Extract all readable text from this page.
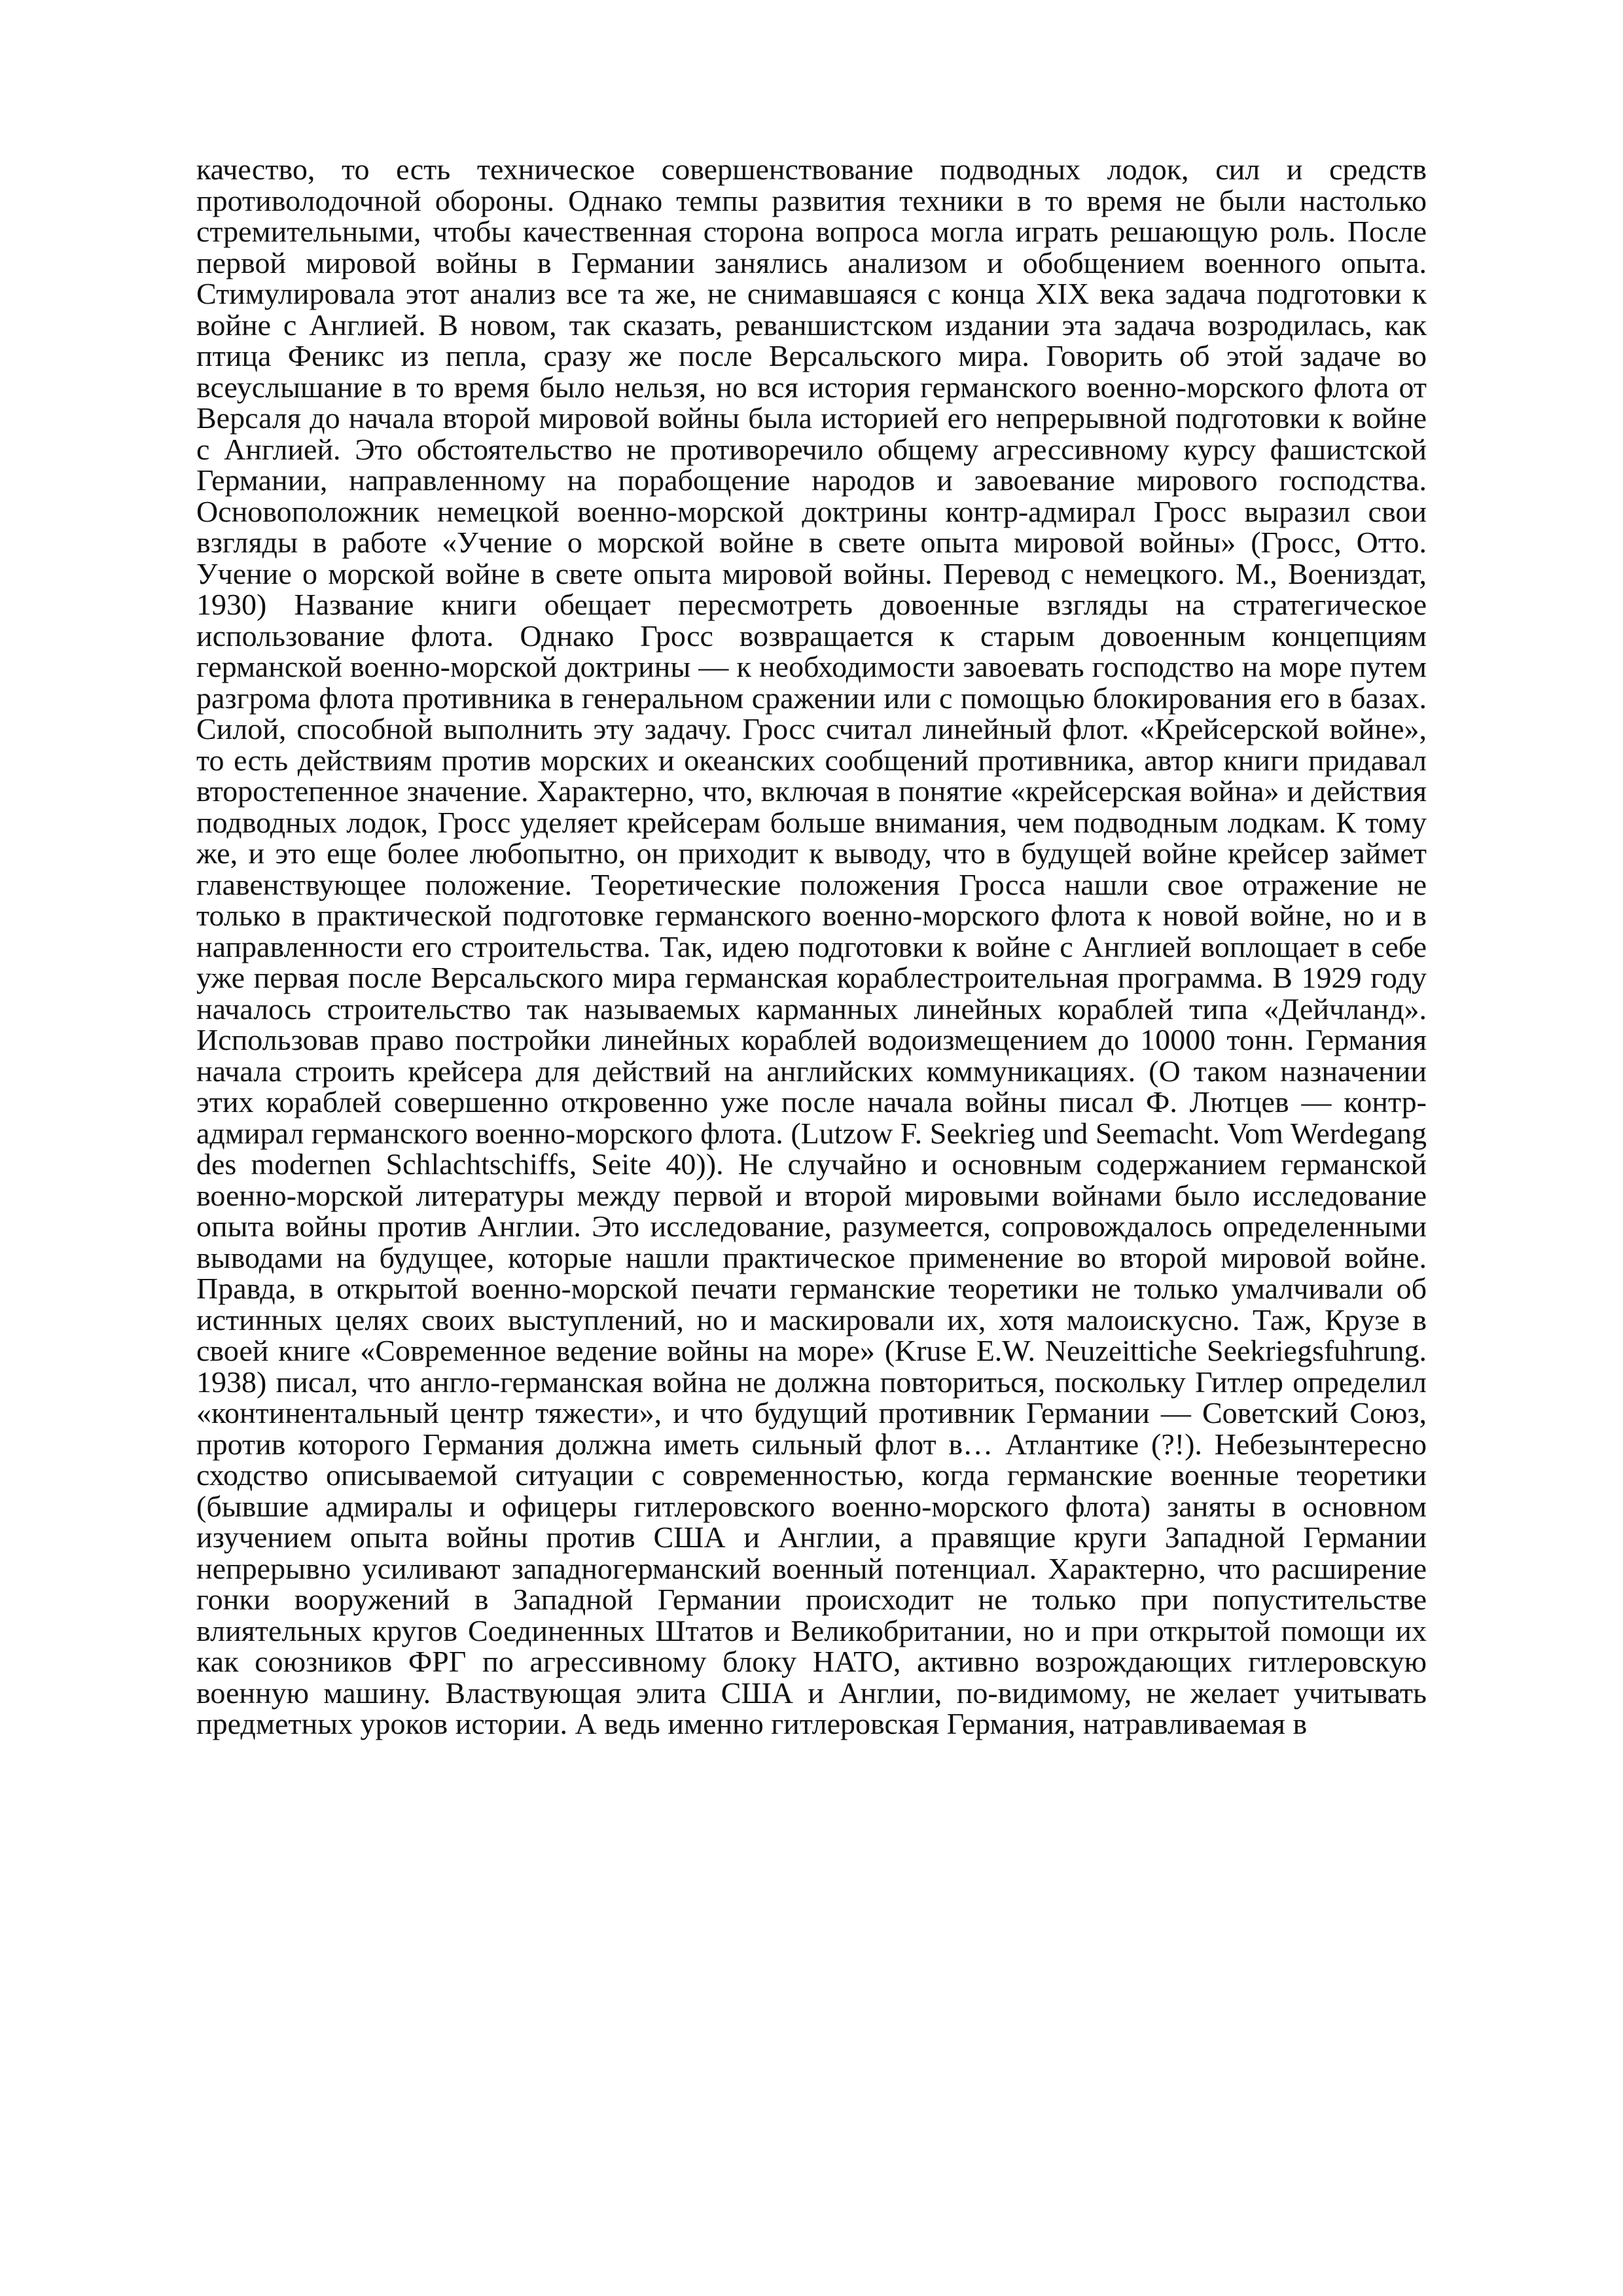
качество, то есть техническое совершенствование подводных лодок, сил и средств противолодочной обороны. Однако темпы развития техники в то время не были настолько стремительными, чтобы качественная сторона вопроса могла играть решающую роль. После первой мировой войны в Германии занялись анализом и обобщением военного опыта. Стимулировала этот анализ все та же, не снимавшаяся с конца XIX века задача подготовки к войне с Англией. В новом, так сказать, реваншистском издании эта задача возродилась, как птица Феникс из пепла, сразу же после Версальского мира. Говорить об этой задаче во всеуслышание в то время было нельзя, но вся история германского военно-морского флота от Версаля до начала второй мировой войны была историей его непрерывной подготовки к войне с Англией. Это обстоятельство не противоречило общему агрессивному курсу фашистской Германии, направленному на порабощение народов и завоевание мирового господства. Основоположник немецкой военно-морской доктрины контр-адмирал Гросс выразил свои взгляды в работе «Учение о морской войне в свете опыта мировой войны» (Гросс, Отто. Учение о морской войне в свете опыта мировой войны. Перевод с немецкого. М., Воениздат, 1930) Название книги обещает пересмотреть довоенные взгляды на стратегическое использование флота. Однако Гросс возвращается к старым довоенным концепциям германской военно-морской доктрины — к необходимости завоевать господство на море путем разгрома флота противника в генеральном сражении или с помощью блокирования его в базах. Силой, способной выполнить эту задачу. Гросс считал линейный флот. «Крейсерской войне», то есть действиям против морских и океанских сообщений противника, автор книги придавал второстепенное значение. Характерно, что, включая в понятие «крейсерская война» и действия подводных лодок, Гросс уделяет крейсерам больше внимания, чем подводным лодкам. К тому же, и это еще более любопытно, он приходит к выводу, что в будущей войне крейсер займет главенствующее положение. Теоретические положения Гросса нашли свое отражение не только в практической подготовке германского военно-морского флота к новой войне, но и в направленности его строительства. Так, идею подготовки к войне с Англией воплощает в себе уже первая после Версальского мира германская кораблестроительная программа. В 1929 году началось строительство так называемых карманных линейных кораблей типа «Дейчланд». Использовав право постройки линейных кораблей водоизмещением до 10000 тонн. Германия начала строить крейсера для действий на английских коммуникациях. (О таком назначении этих кораблей совершенно откровенно уже после начала войны писал Ф. Лютцев — контр-адмирал германского военно-морского флота. (Lutzow F. Seekrieg und Seemacht. Vom Werdegang des modernen Schlachtschiffs, Seite 40)). Не случайно и основным содержанием германской военно-морской литературы между первой и второй мировыми войнами было исследование опыта войны против Англии. Это исследование, разумеется, сопровождалось определенными выводами на будущее, которые нашли практическое применение во второй мировой войне. Правда, в открытой военно-морской печати германские теоретики не только умалчивали об истинных целях своих выступлений, но и маскировали их, хотя малоискусно. Таж, Крузе в своей книге «Современное ведение войны на море» (Kruse E.W. Neuzeittiche Seekriegsfuhrung. 1938) писал, что англо-германская война не должна повториться, поскольку Гитлер определил «континентальный центр тяжести», и что будущий противник Германии — Советский Союз, против которого Германия должна иметь сильный флот в… Атлантике (?!). Небезынтересно сходство описываемой ситуации с современностью, когда германские военные теоретики (бывшие адмиралы и офицеры гитлеровского военно-морского флота) заняты в основном изучением опыта войны против США и Англии, а правящие круги Западной Германии непрерывно усиливают западногерманский военный потенциал. Характерно, что расширение гонки вооружений в Западной Германии происходит не только при попустительстве влиятельных кругов Соединенных Штатов и Великобритании, но и при открытой помощи их как союзников ФРГ по агрессивному блоку НАТО, активно возрождающих гитлеровскую военную машину. Властвующая элита США и Англии, по-видимому, не желает учитывать предметных уроков истории. А ведь именно гитлеровская Германия, натравливаемая в
